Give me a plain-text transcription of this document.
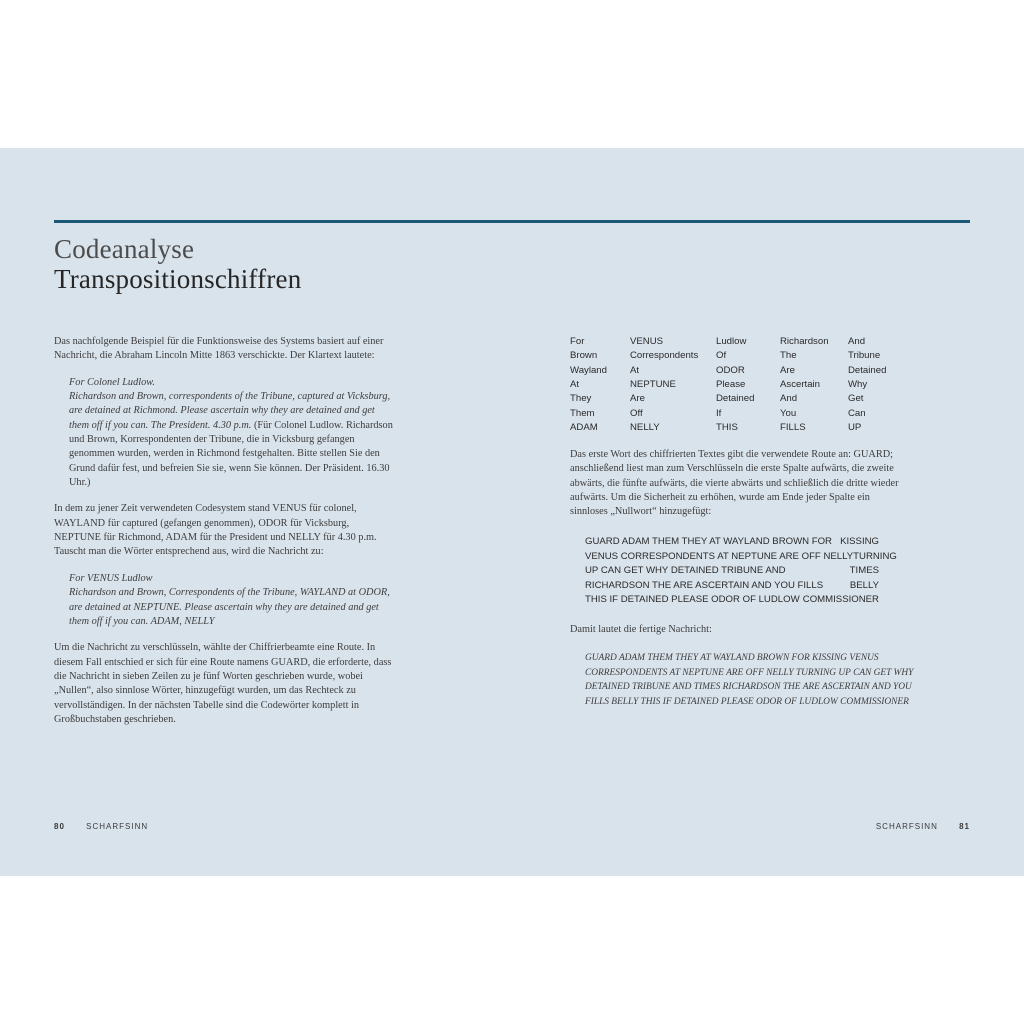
Codeanalyse
Transpositionschiffren

Das nachfolgende Beispiel für die Funktionsweise des Systems basiert auf einer Nachricht, die Abraham Lincoln Mitte 1863 verschickte. Der Klartext lautete:

For Colonel Ludlow.

Richardson and Brown, correspondents of the Tribune, captured at Vicksburg, are detained at Richmond. Please ascertain why they are detained and get them off if you can. The President. 4.30 p.m. (Für Colonel Ludlow. Richardson und Brown, Korrespondenten der Tribune, die in Vicksburg gefangen genommen wurden, werden in Richmond festgehalten. Bitte stellen Sie den Grund dafür fest, und befreien Sie sie, wenn Sie können. Der Präsident. 16.30 Uhr.)

In dem zu jener Zeit verwendeten Codesystem stand VENUS für colonel, WAYLAND für captured (gefangen genommen), ODOR für Vicksburg, NEPTUNE für Richmond, ADAM für the President und NELLY für 4.30 p.m. Tauscht man die Wörter entsprechend aus, wird die Nachricht zu:

For VENUS Ludlow

Richardson and Brown, Correspondents of the Tribune, WAYLAND at ODOR, are detained at NEPTUNE. Please ascertain why they are detained and get them off if you can. ADAM, NELLY

Um die Nachricht zu verschlüsseln, wählte der Chiffrierbeamte eine Route. In diesem Fall entschied er sich für eine Route namens GUARD, die erforderte, dass die Nachricht in sieben Zeilen zu je fünf Worten geschrieben wurde, wobei „Nullen“, also sinnlose Wörter, hinzugefügt wurden, um das Rechteck zu vervollständigen. In der nächsten Tabelle sind die Codewörter komplett in Großbuchstaben geschrieben.

For	VENUS	Ludlow	Richardson	And
Brown	Correspondents	Of	The	Tribune
Wayland	At	ODOR	Are	Detained
At	NEPTUNE	Please	Ascertain	Why
They	Are	Detained	And	Get
Them	Off	If	You	Can
ADAM	NELLY	THIS	FILLS	UP

Das erste Wort des chiffrierten Textes gibt die verwendete Route an: GUARD; anschließend liest man zum Verschlüsseln die erste Spalte aufwärts, die zweite abwärts, die fünfte aufwärts, die vierte abwärts und schließlich die dritte wieder aufwärts. Um die Sicherheit zu erhöhen, wurde am Ende jeder Spalte ein sinnloses „Nullwort“ hinzugefügt:

GUARD ADAM THEM THEY AT WAYLAND BROWN FOR KISSING
VENUS CORRESPONDENTS AT NEPTUNE ARE OFF NELLY TURNING
UP CAN GET WHY DETAINED TRIBUNE AND	TIMES
RICHARDSON THE ARE ASCERTAIN AND YOU FILLS	BELLY
THIS IF DETAINED PLEASE ODOR OF LUDLOW COMMISSIONER

Damit lautet die fertige Nachricht:

GUARD ADAM THEM THEY AT WAYLAND BROWN FOR KISSING VENUS CORRESPONDENTS AT NEPTUNE ARE OFF NELLY TURNING UP CAN GET WHY DETAINED TRIBUNE AND TIMES RICHARDSON THE ARE ASCERTAIN AND YOU FILLS BELLY THIS IF DETAINED PLEASE ODOR OF LUDLOW COMMISSIONER
80	SCHARFSINN	SCHARFSINN	81
